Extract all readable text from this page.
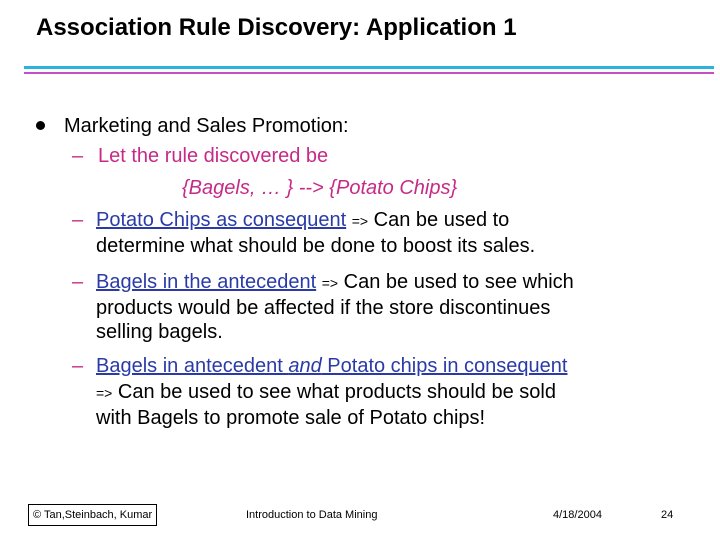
Association Rule Discovery: Application 1
Marketing and Sales Promotion:
– Let the rule discovered be
{Bagels, … } --> {Potato Chips}
– Potato Chips as consequent => Can be used to
determine what should be done to boost its sales.
– Bagels in the antecedent => Can be used to see which
products would be affected if the store discontinues
selling bagels.
– Bagels in antecedent and Potato chips in consequent
=> Can be used to see what products should be sold
with Bagels to promote sale of Potato chips!
© Tan,Steinbach, Kumar	Introduction to Data Mining	4/18/2004	24
